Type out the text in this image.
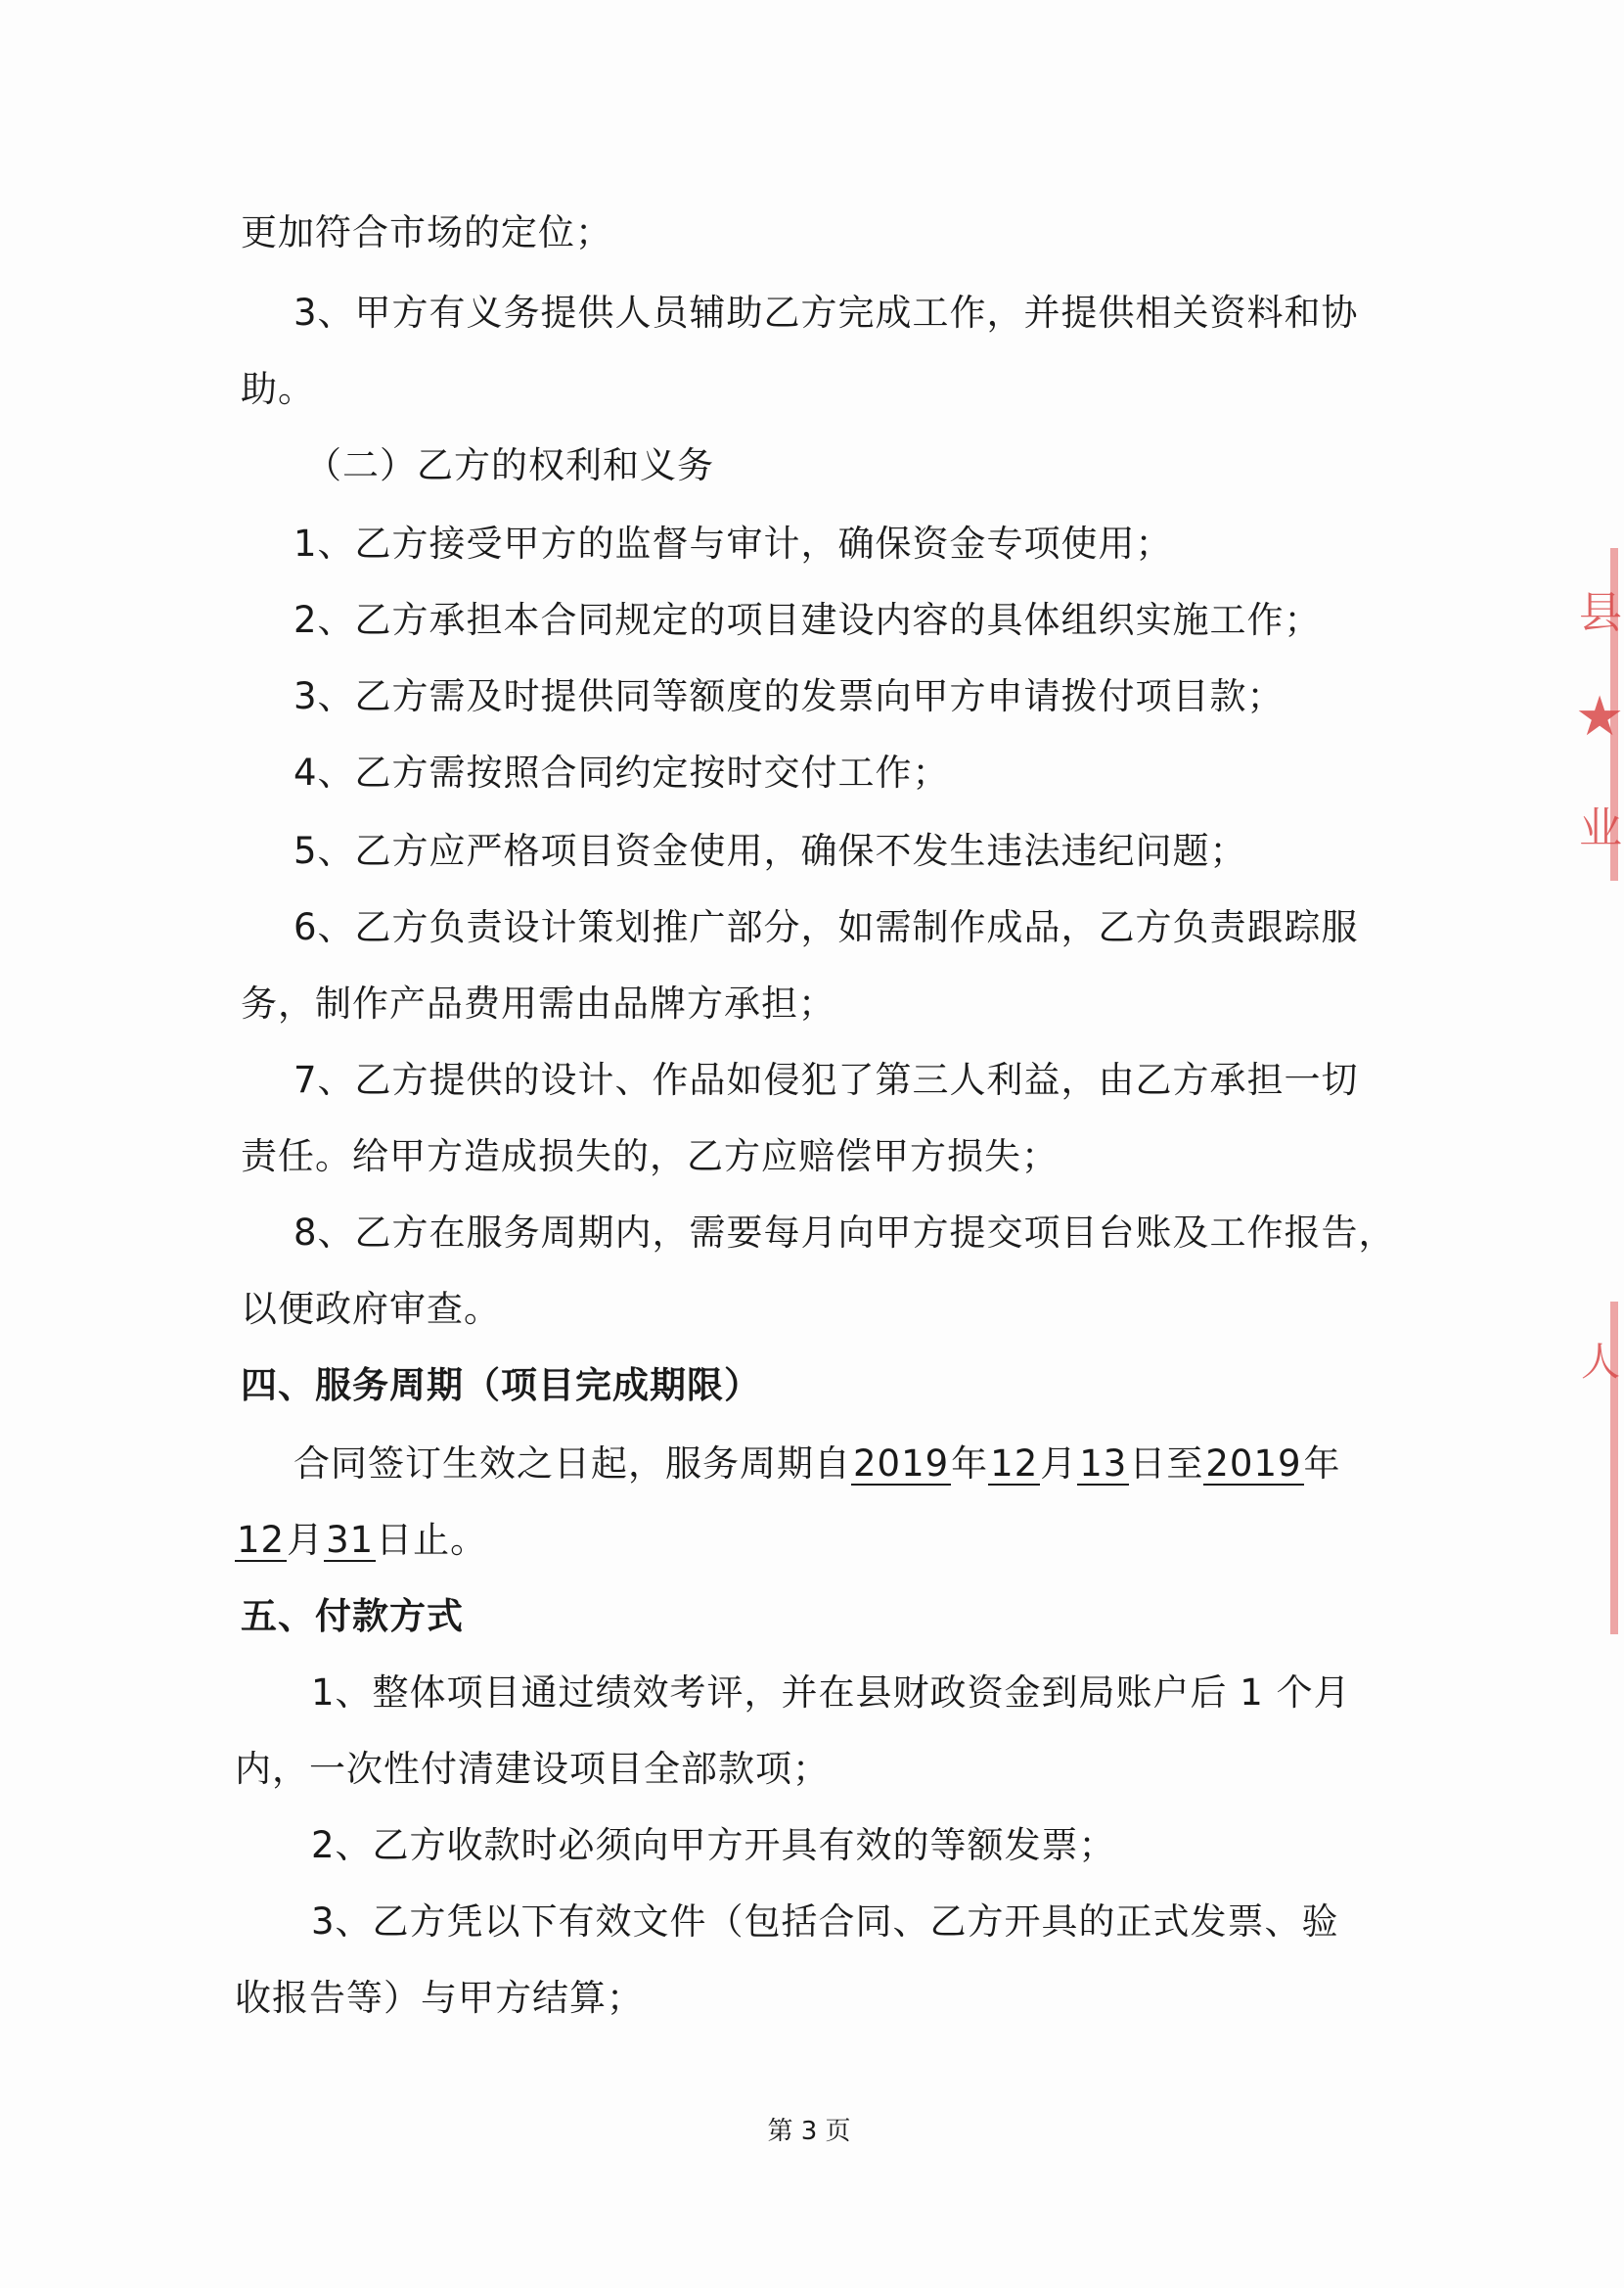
更加符合市场的定位；
3、甲方有义务提供人员辅助乙方完成工作，并提供相关资料和协
助。
（二）乙方的权利和义务
1、乙方接受甲方的监督与审计，确保资金专项使用；
2、乙方承担本合同规定的项目建设内容的具体组织实施工作；
3、乙方需及时提供同等额度的发票向甲方申请拨付项目款；
4、乙方需按照合同约定按时交付工作；
5、乙方应严格项目资金使用，确保不发生违法违纪问题；
6、乙方负责设计策划推广部分，如需制作成品，乙方负责跟踪服
务，制作产品费用需由品牌方承担；
7、乙方提供的设计、作品如侵犯了第三人利益，由乙方承担一切
责任。给甲方造成损失的，乙方应赔偿甲方损失；
8、乙方在服务周期内，需要每月向甲方提交项目台账及工作报告，
以便政府审查。
四、服务周期（项目完成期限）
合同签订生效之日起，服务周期自2019年12月13日至2019年
12月31日止。
五、付款方式
1、整体项目通过绩效考评，并在县财政资金到局账户后 1 个月
内，一次性付清建设项目全部款项；
2、乙方收款时必须向甲方开具有效的等额发票；
3、乙方凭以下有效文件（包括合同、乙方开具的正式发票、验
收报告等）与甲方结算；
第 3 页
县
★
业
人
